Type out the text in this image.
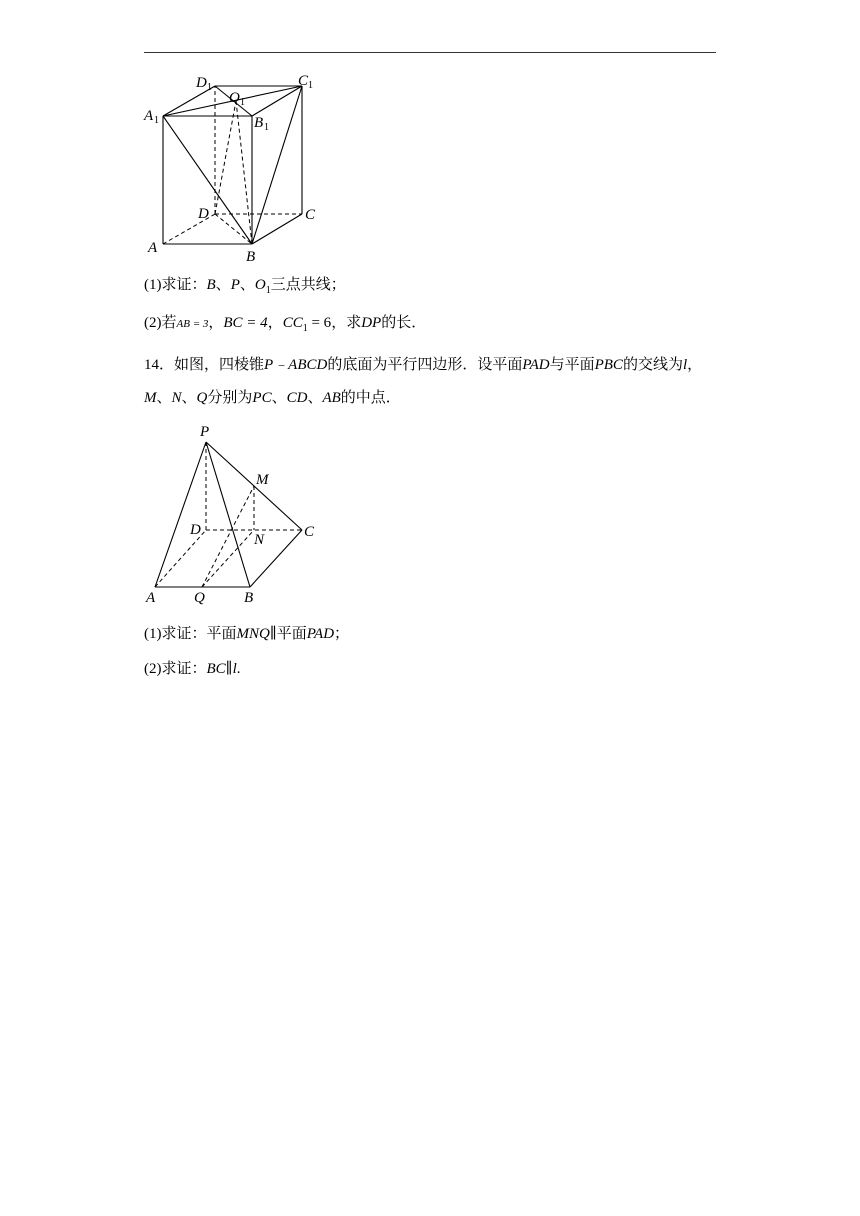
D 1
O 1
C 1
A 1	B 1
D	C
A
B
(1)求证：B、P、$O_1$三点共线；
(2)若AB = 3，BC = 4，$CC_1 = 6$，求DP的长．
14．如图，四棱锥P﹣ABCD的底面为平行四边形．设平面PAD与平面PBC的交线为l，
M、N、Q分别为PC、CD、AB的中点．
P
M
D
N	C
A	Q	B
(1)求证：平面MNQ∥平面PAD；
(2)求证：BC∥l.
